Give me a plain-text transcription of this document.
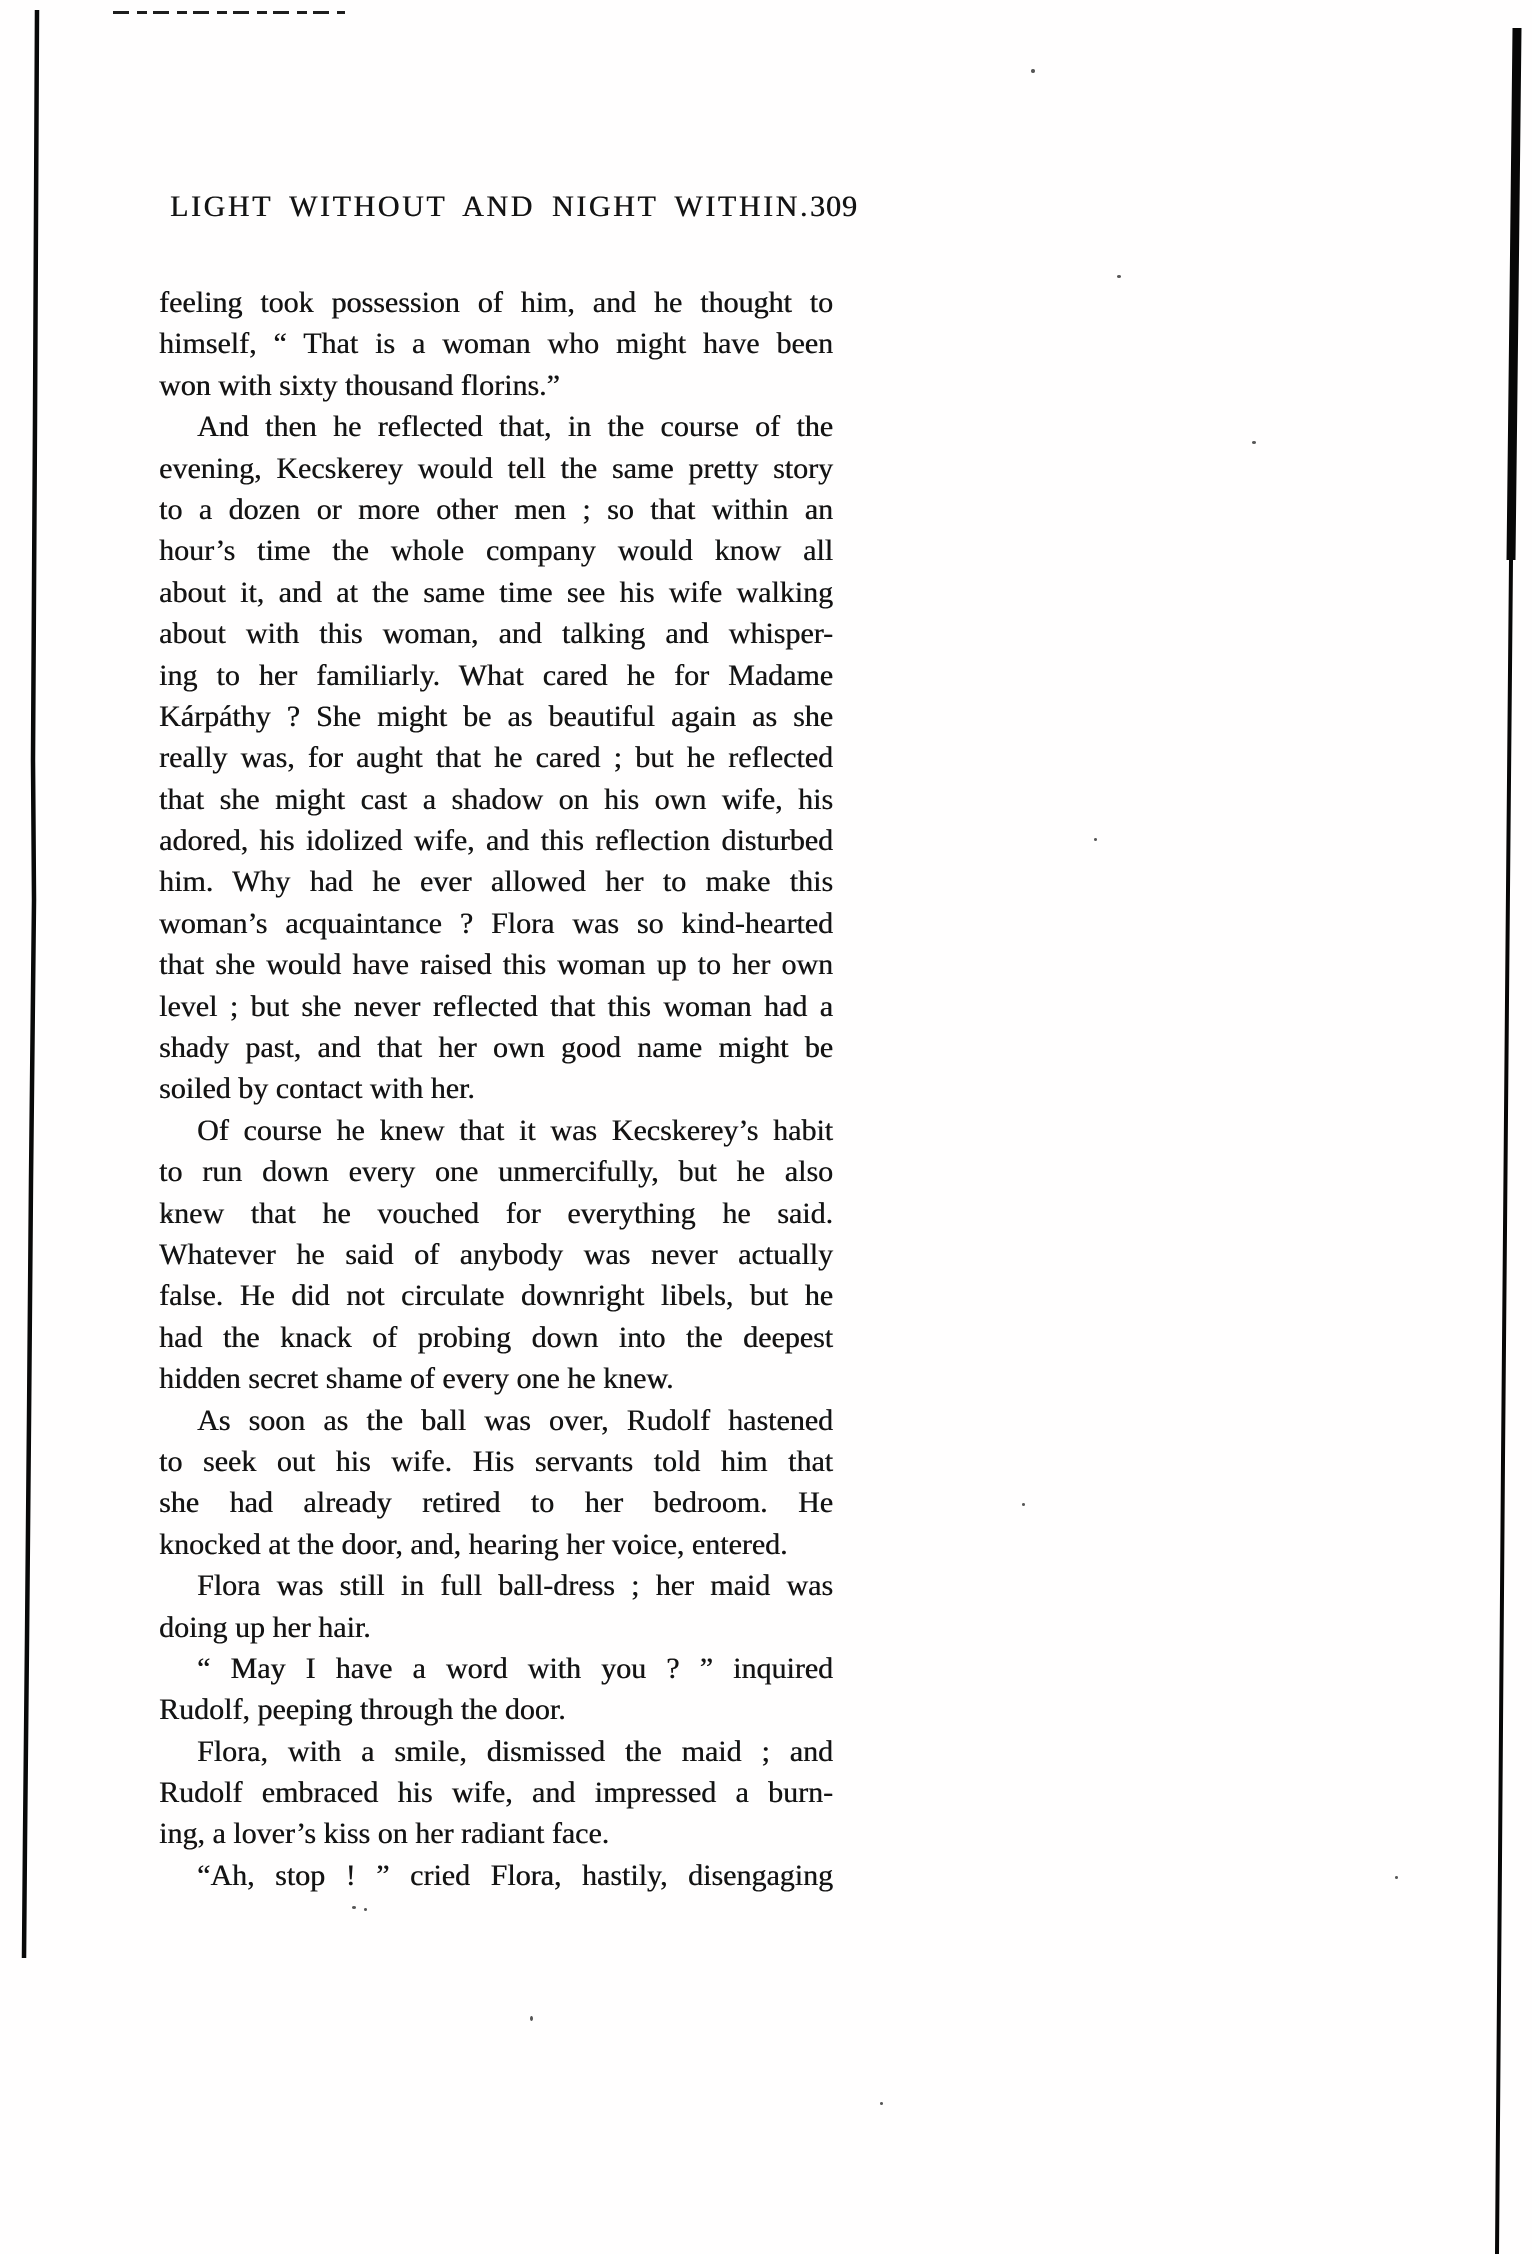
LIGHT WITHOUT AND NIGHT WITHIN. 309
feeling took possession of him, and he thought to
himself, “ That is a woman who might have been
won with sixty thousand florins.”
And then he reflected that, in the course of the
evening, Kecskerey would tell the same pretty story
to a dozen or more other men ; so that within an
hour’s time the whole company would know all
about it, and at the same time see his wife walking
about with this woman, and talking and whisper-
ing to her familiarly. What cared he for Madame
Kárpáthy ? She might be as beautiful again as she
really was, for aught that he cared ; but he reflected
that she might cast a shadow on his own wife, his
adored, his idolized wife, and this reflection disturbed
him. Why had he ever allowed her to make this
woman’s acquaintance ? Flora was so kind-hearted
that she would have raised this woman up to her own
level ; but she never reflected that this woman had a
shady past, and that her own good name might be
soiled by contact with her.
Of course he knew that it was Kecskerey’s habit
to run down every one unmercifully, but he also
knew that he vouched for everything he said.
Whatever he said of anybody was never actually
false. He did not circulate downright libels, but he
had the knack of probing down into the deepest
hidden secret shame of every one he knew.
As soon as the ball was over, Rudolf hastened
to seek out his wife. His servants told him that
she had already retired to her bedroom. He
knocked at the door, and, hearing her voice, entered.
Flora was still in full ball-dress ; her maid was
doing up her hair.
“ May I have a word with you ? ” inquired
Rudolf, peeping through the door.
Flora, with a smile, dismissed the maid ; and
Rudolf embraced his wife, and impressed a burn-
ing, a lover’s kiss on her radiant face.
“Ah, stop ! ” cried Flora, hastily, disengaging
